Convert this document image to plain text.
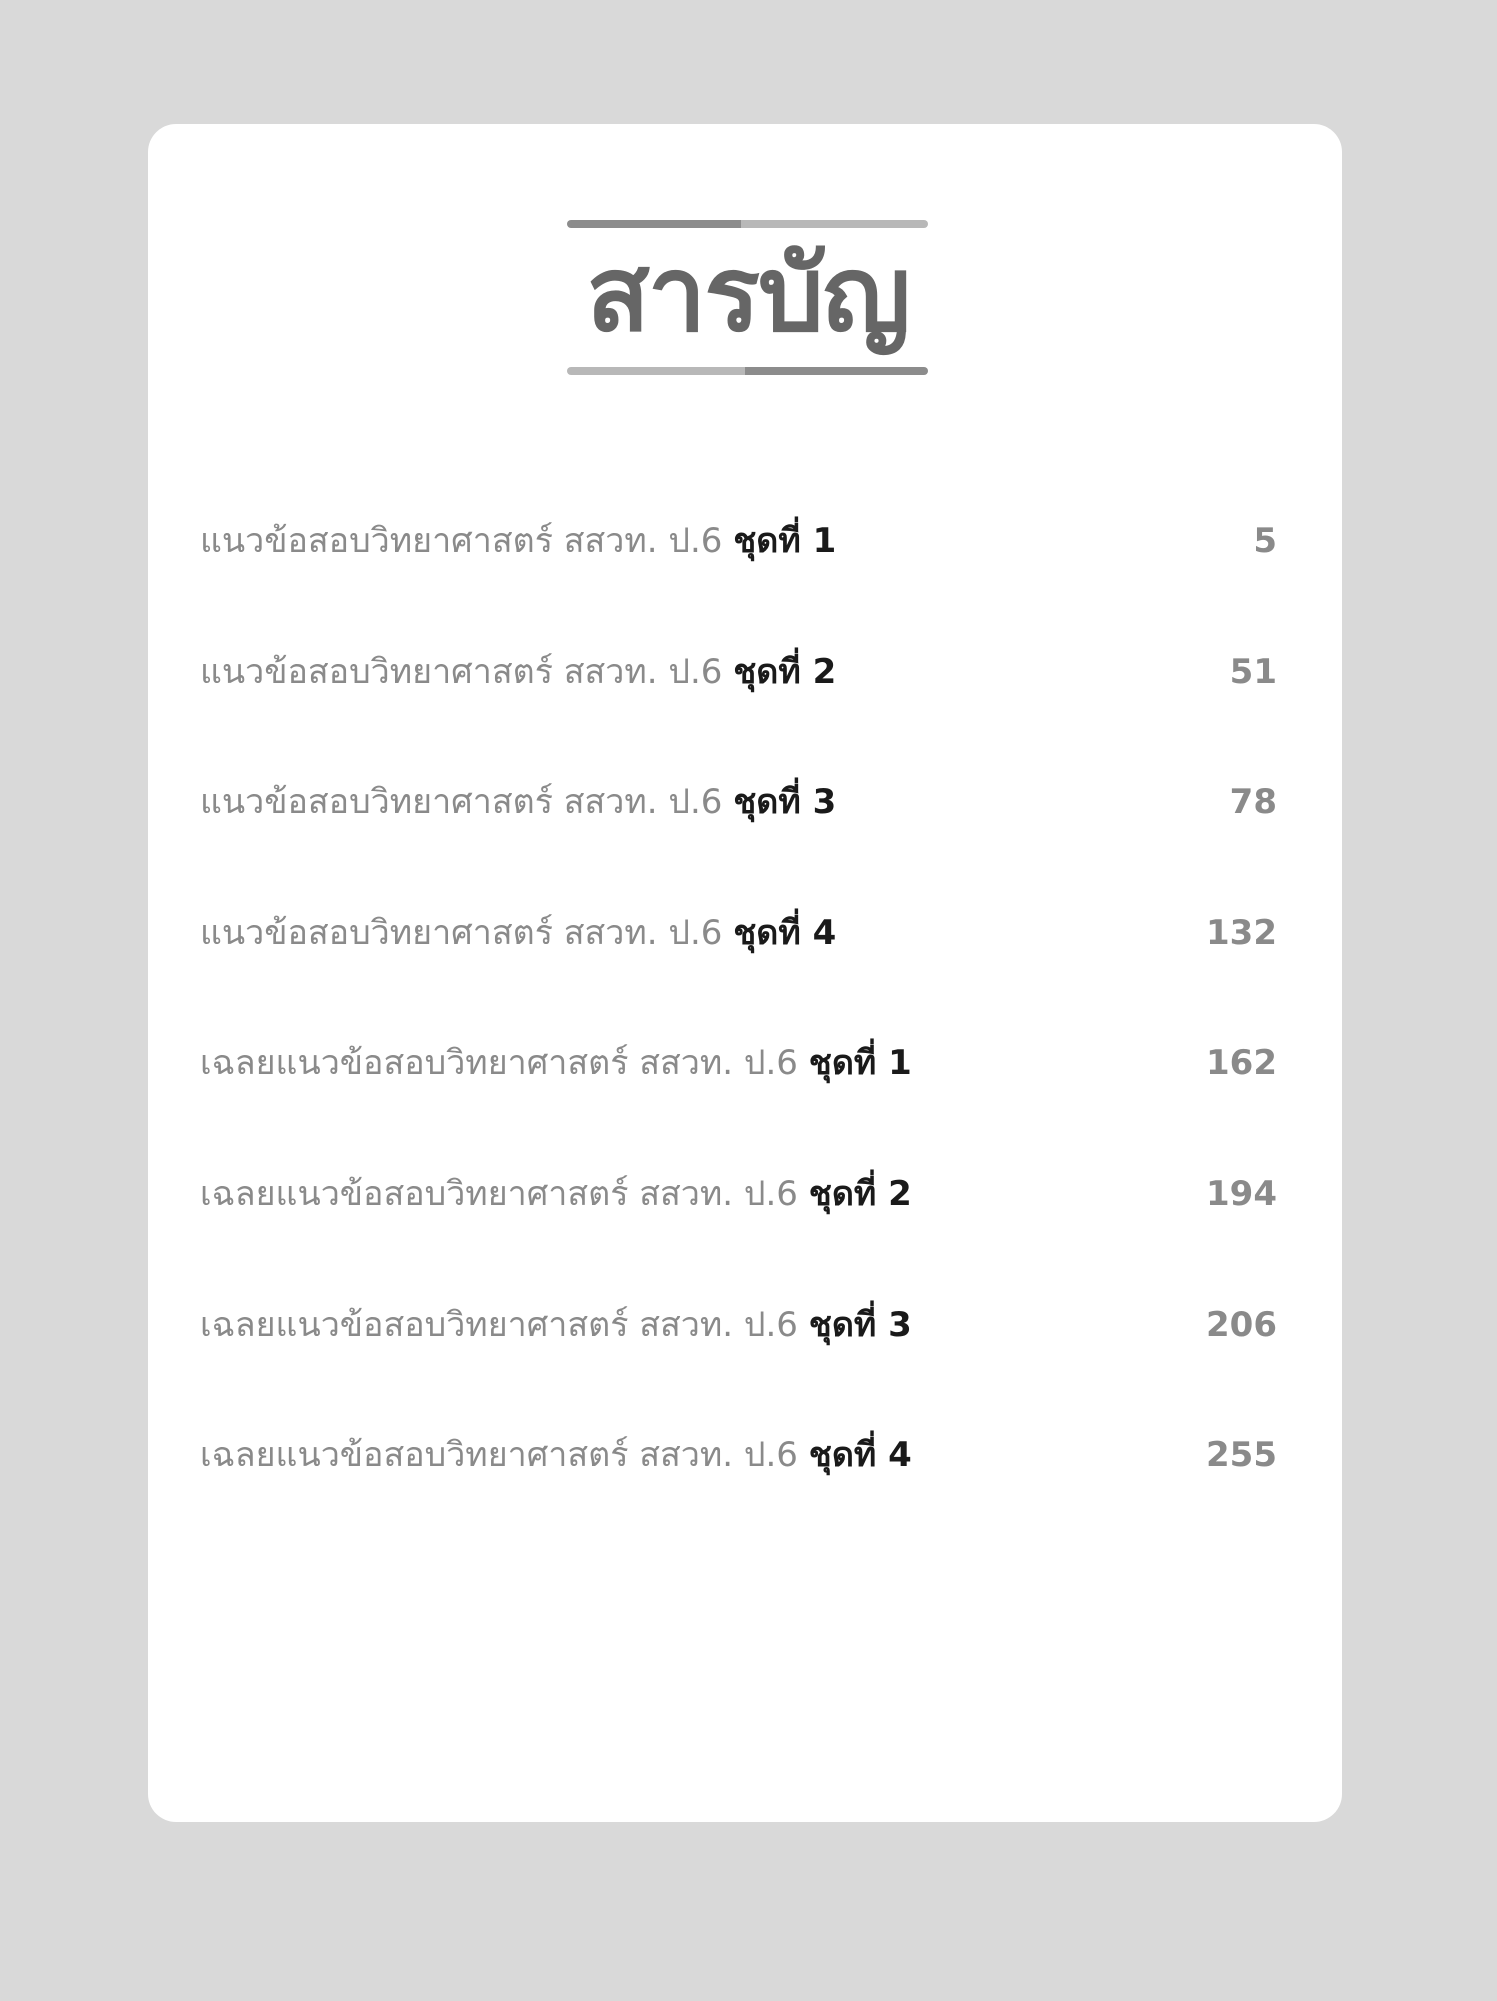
สารบัญ
แนวข้อสอบวิทยาศาสตร์ สสวท. ป.6 ชุดที่ 1	5
แนวข้อสอบวิทยาศาสตร์ สสวท. ป.6 ชุดที่ 2	51
แนวข้อสอบวิทยาศาสตร์ สสวท. ป.6 ชุดที่ 3	78
แนวข้อสอบวิทยาศาสตร์ สสวท. ป.6 ชุดที่ 4	132
เฉลยแนวข้อสอบวิทยาศาสตร์ สสวท. ป.6 ชุดที่ 1	162
เฉลยแนวข้อสอบวิทยาศาสตร์ สสวท. ป.6 ชุดที่ 2	194
เฉลยแนวข้อสอบวิทยาศาสตร์ สสวท. ป.6 ชุดที่ 3	206
เฉลยแนวข้อสอบวิทยาศาสตร์ สสวท. ป.6 ชุดที่ 4	255
